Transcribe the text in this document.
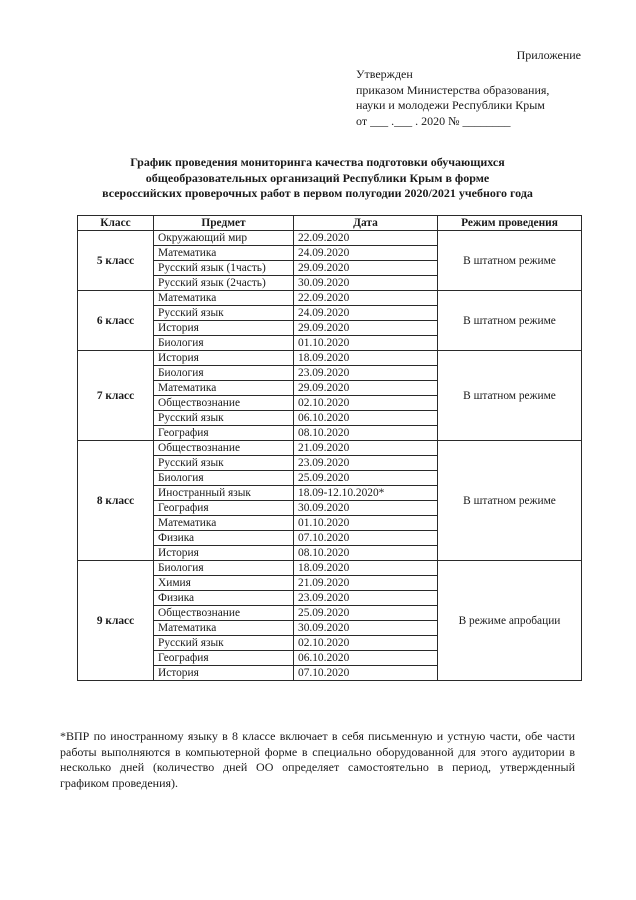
Приложение
Утвержден
приказом Министерства образования,
науки и молодежи Республики Крым
от ___ .___ . 2020 № ________
График проведения мониторинга качества подготовки обучающихся
общеобразовательных организаций Республики Крым в форме
всероссийских проверочных работ в первом полугодии 2020/2021 учебного года
Класс	Предмет	Дата	Режим проведения
5 класс	Окружающий мир	22.09.2020	В штатном режиме
	Математика	24.09.2020	
	Русский язык (1часть)	29.09.2020	
	Русский язык (2часть)	30.09.2020	
6 класс	Математика	22.09.2020	В штатном режиме
	Русский язык	24.09.2020	
	История	29.09.2020	
	Биология	01.10.2020	
7 класс	История	18.09.2020	В штатном режиме
	Биология	23.09.2020	
	Математика	29.09.2020	
	Обществознание	02.10.2020	
	Русский язык	06.10.2020	
	География	08.10.2020	
8 класс	Обществознание	21.09.2020	В штатном режиме
	Русский язык	23.09.2020	
	Биология	25.09.2020	
	Иностранный язык	18.09-12.10.2020*	
	География	30.09.2020	
	Математика	01.10.2020	
	Физика	07.10.2020	
	История	08.10.2020	
9 класс	Биология	18.09.2020	В режиме апробации
	Химия	21.09.2020	
	Физика	23.09.2020	
	Обществознание	25.09.2020	
	Математика	30.09.2020	
	Русский язык	02.10.2020	
	География	06.10.2020	
	История	07.10.2020	
*ВПР по иностранному языку в 8 классе включает в себя письменную и устную части, обе части работы выполняются в компьютерной форме в специально оборудованной для этого аудитории в несколько дней (количество дней ОО определяет самостоятельно в период, утвержденный графиком проведения).
